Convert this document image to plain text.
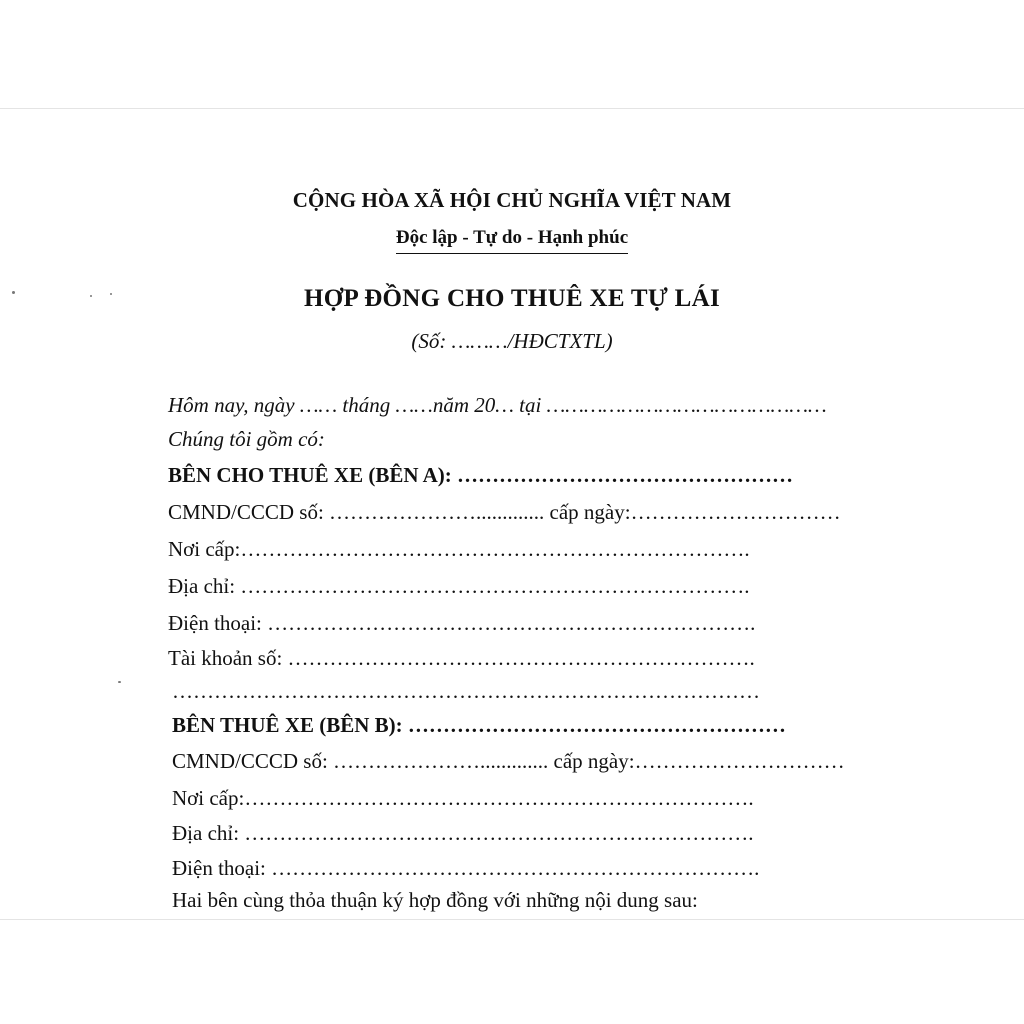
CỘNG HÒA XÃ HỘI CHỦ NGHĨA VIỆT NAM
Độc lập - Tự do - Hạnh phúc
HỢP ĐỒNG CHO THUÊ XE TỰ LÁI
(Số: ………/HĐCTXTL)
Hôm nay, ngày …… tháng ……năm 20… tại ………………………………………
Chúng tôi gồm có:
BÊN CHO THUÊ XE (BÊN A): …………………………………………
CMND/CCCD số: …………………............. cấp ngày:…………………………
Nơi cấp:……………………………………………………………….
Địa chỉ: ……………………………………………………………….
Điện thoại: …………………………………………………………….
Tài khoản số: ………………………………………………………….
…………………………………………………………………………
BÊN THUÊ XE (BÊN B): ………………………………………………
CMND/CCCD số: …………………............. cấp ngày:…………………………
Nơi cấp:……………………………………………………………….
Địa chỉ: ……………………………………………………………….
Điện thoại: …………………………………………………………….
Hai bên cùng thỏa thuận ký hợp đồng với những nội dung sau:
